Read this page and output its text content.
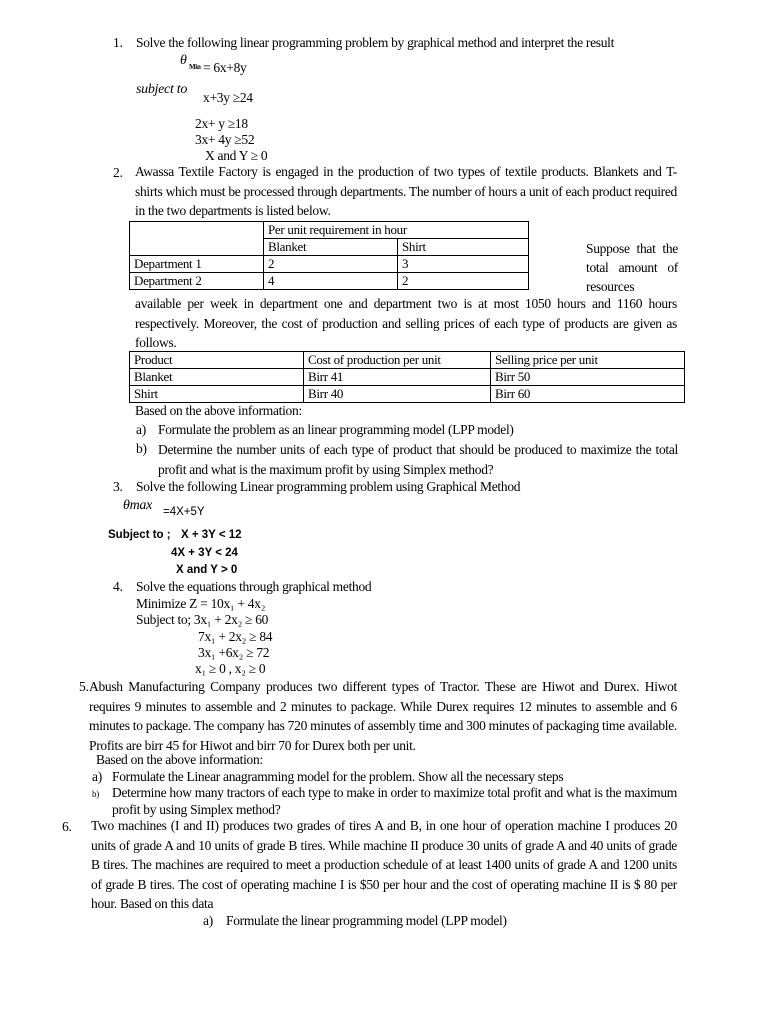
1. Solve the following linear programming problem by graphical method and interpret the result
θ Min = 6x+8y
subject to
x+3y ≥24
2x+ y ≥18
3x+ 4y ≥52
X and Y ≥ 0
2. Awassa Textile Factory is engaged in the production of two types of textile products. Blankets and T-shirts which must be processed through departments. The number of hours a unit of each product required in the two departments is listed below.
	Per unit requirement in hour	
	Blanket	Shirt
Department 1	2	3
Department 2	4	2
Suppose that the total amount of resources
available per week in department one and department two is at most 1050 hours and 1160 hours respectively. Moreover, the cost of production and selling prices of each type of products are given as follows.
Product	Cost of production per unit	Selling price per unit
Blanket	Birr 41	Birr 50
Shirt	Birr 40	Birr 60
Based on the above information:
a) Formulate the problem as an linear programming model (LPP model)
b) Determine the number units of each type of product that should be produced to maximize the total profit and what is the maximum profit by using Simplex method?
3. Solve the following Linear programming problem using Graphical Method
θmax =4X+5Y
Subject to ; X + 3Y < 12
4X + 3Y < 24
X and Y > 0
4. Solve the equations through graphical method
Minimize Z = 10x₁ + 4x₂
Subject to; 3x₁ + 2x₂ ≥ 60
7x₁ + 2x₂ ≥ 84
3x₁ +6x₂ ≥ 72
x₁ ≥ 0 , x₂ ≥ 0
5. Abush Manufacturing Company produces two different types of Tractor. These are Hiwot and Durex. Hiwot requires 9 minutes to assemble and 2 minutes to package. While Durex requires 12 minutes to assemble and 6 minutes to package. The company has 720 minutes of assembly time and 300 minutes of packaging time available. Profits are birr 45 for Hiwot and birr 70 for Durex both per unit.
Based on the above information:
a) Formulate the Linear anagramming model for the problem. Show all the necessary steps
b) Determine how many tractors of each type to make in order to maximize total profit and what is the maximum profit by using Simplex method?
6. Two machines (I and II) produces two grades of tires A and B, in one hour of operation machine I produces 20 units of grade A and 10 units of grade B tires. While machine II produce 30 units of grade A and 40 units of grade B tires. The machines are required to meet a production schedule of at least 1400 units of grade A and 1200 units of grade B tires. The cost of operating machine I is $50 per hour and the cost of operating machine II is $ 80 per hour. Based on this data
a) Formulate the linear programming model (LPP model)
